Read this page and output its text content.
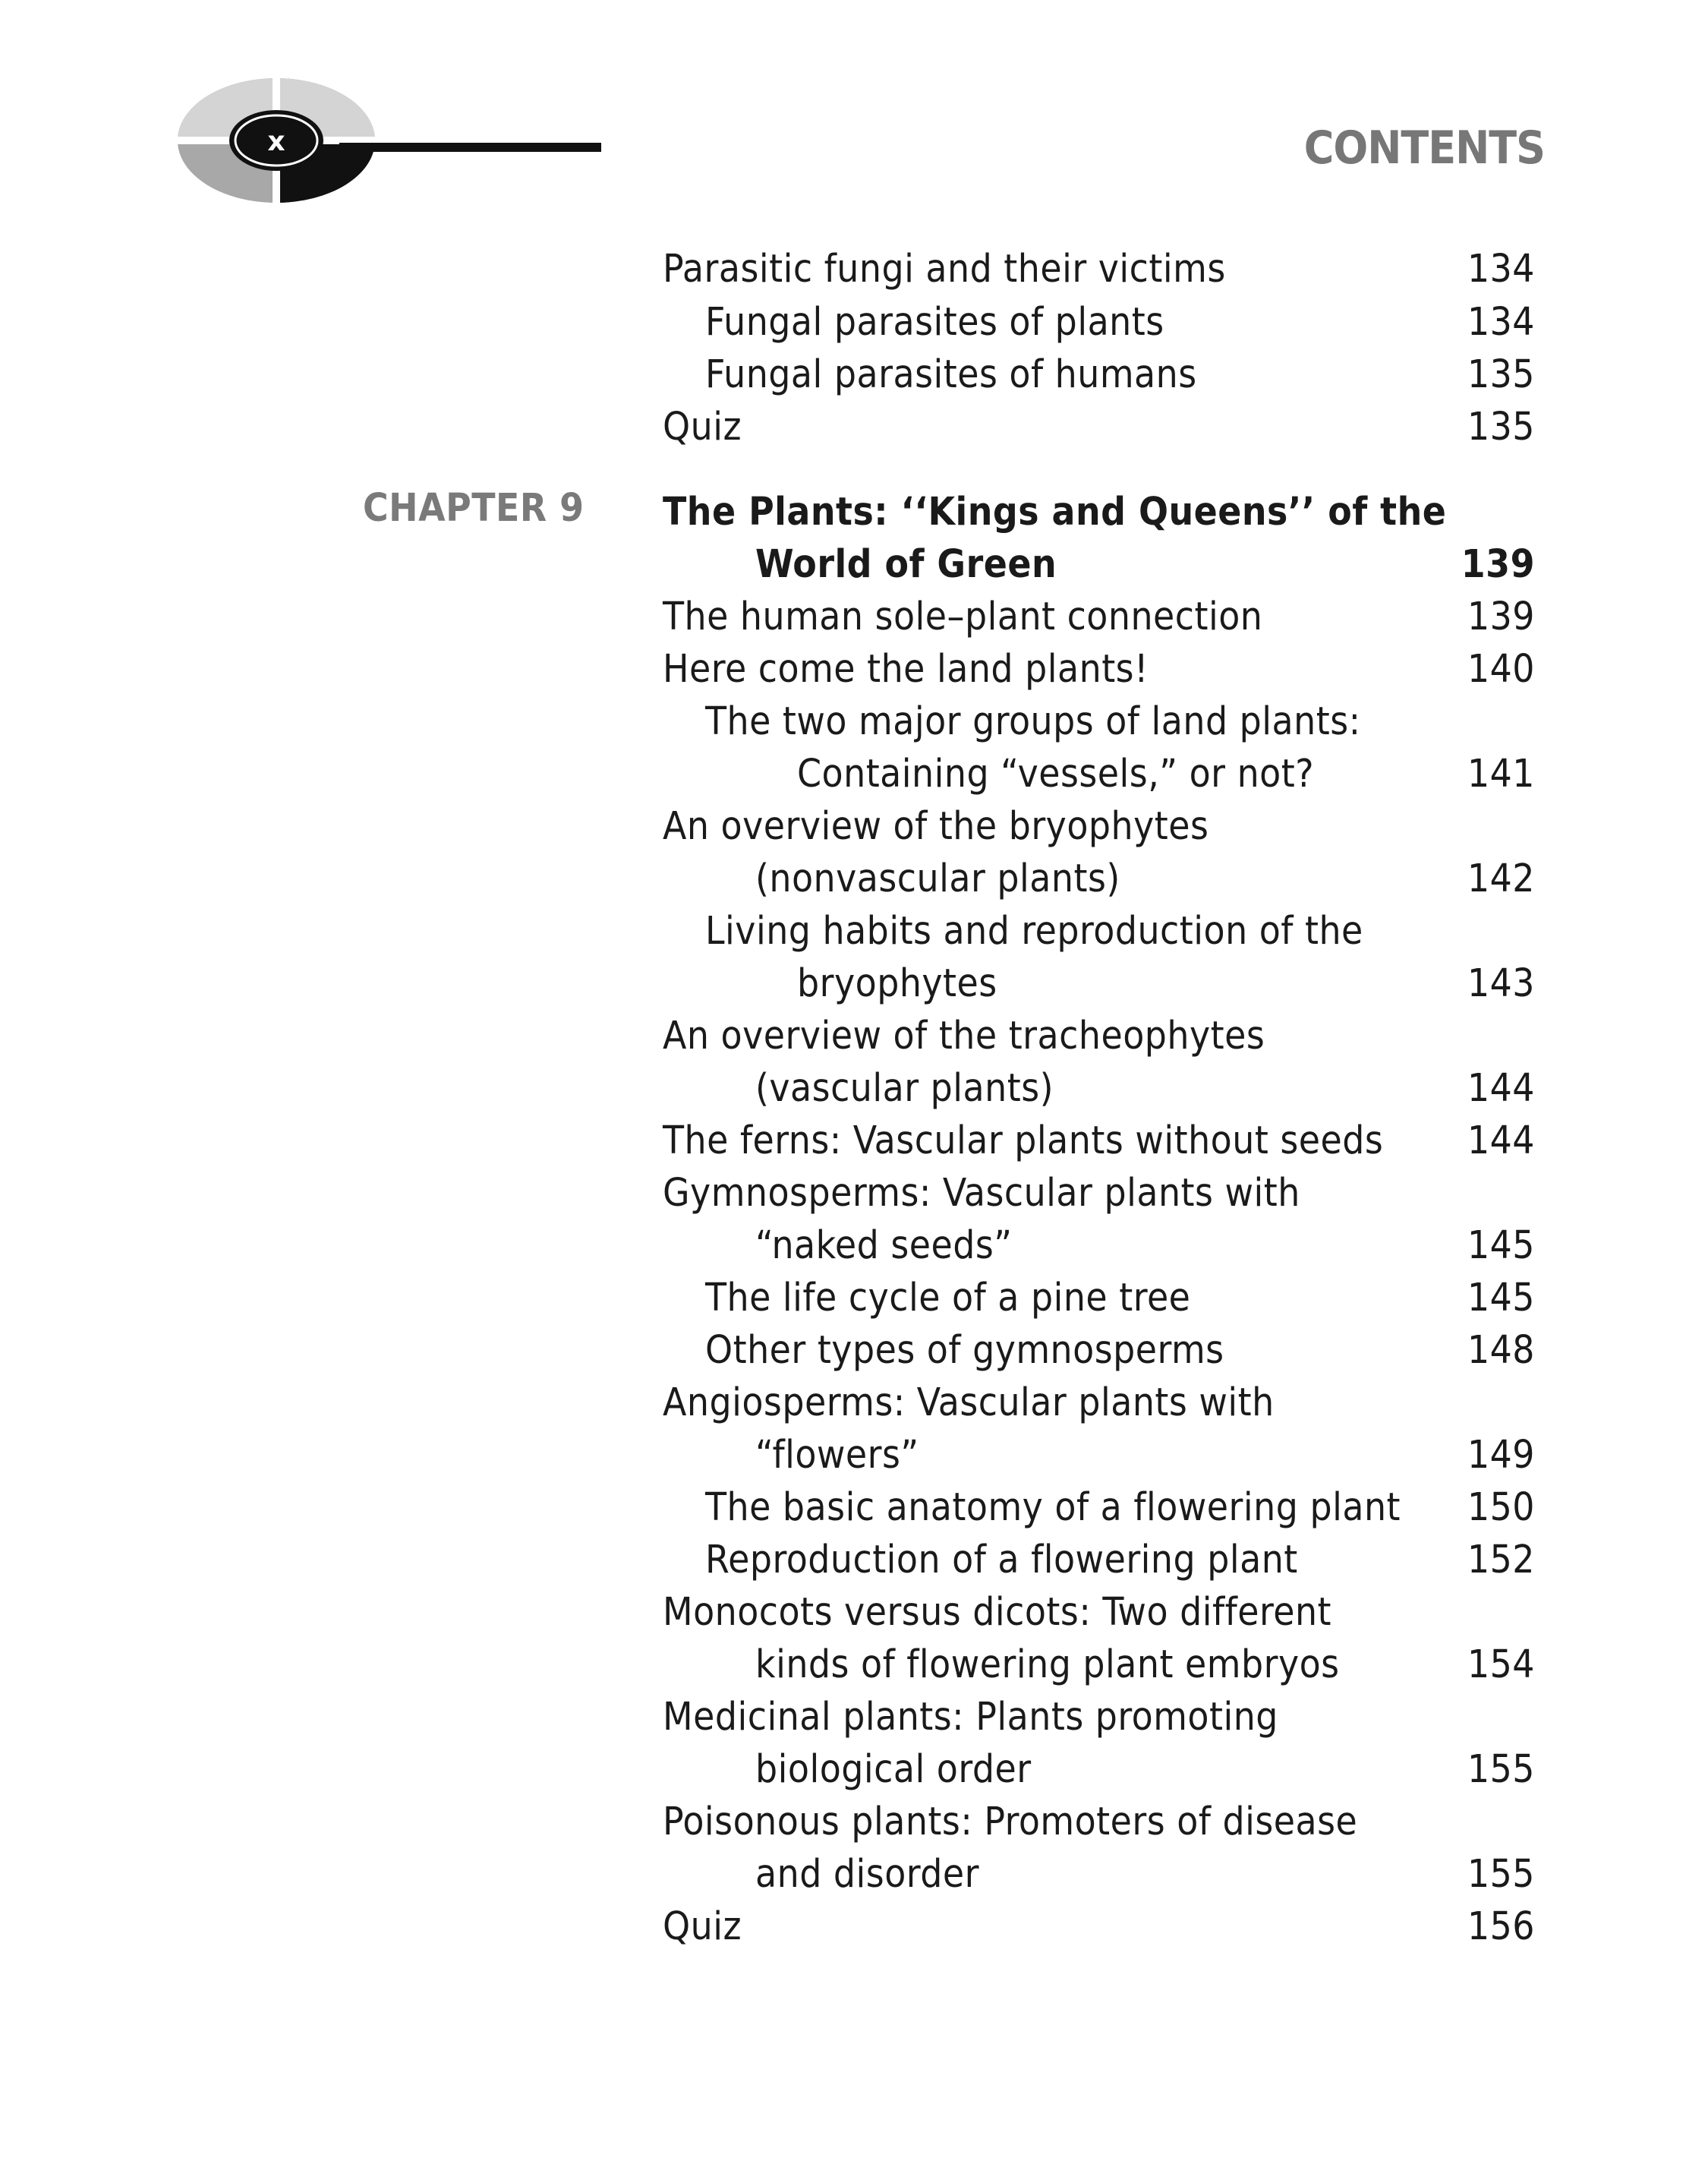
x	CONTENTS
CHAPTER 9
Parasitic fungi and their victims	134
Fungal parasites of plants	134
Fungal parasites of humans	135
Quiz	135
The Plants: ‘‘Kings and Queens’’ of the
World of Green	139
The human sole–plant connection	139
Here come the land plants!	140
The two major groups of land plants:
Containing “vessels,” or not?	141
An overview of the bryophytes
(nonvascular plants)	142
Living habits and reproduction of the
bryophytes	143
An overview of the tracheophytes
(vascular plants)	144
The ferns: Vascular plants without seeds	144
Gymnosperms: Vascular plants with
“naked seeds”	145
The life cycle of a pine tree	145
Other types of gymnosperms	148
Angiosperms: Vascular plants with
“flowers”	149
The basic anatomy of a flowering plant	150
Reproduction of a flowering plant	152
Monocots versus dicots: Two different
kinds of flowering plant embryos	154
Medicinal plants: Plants promoting
biological order	155
Poisonous plants: Promoters of disease
and disorder	155
Quiz	156
